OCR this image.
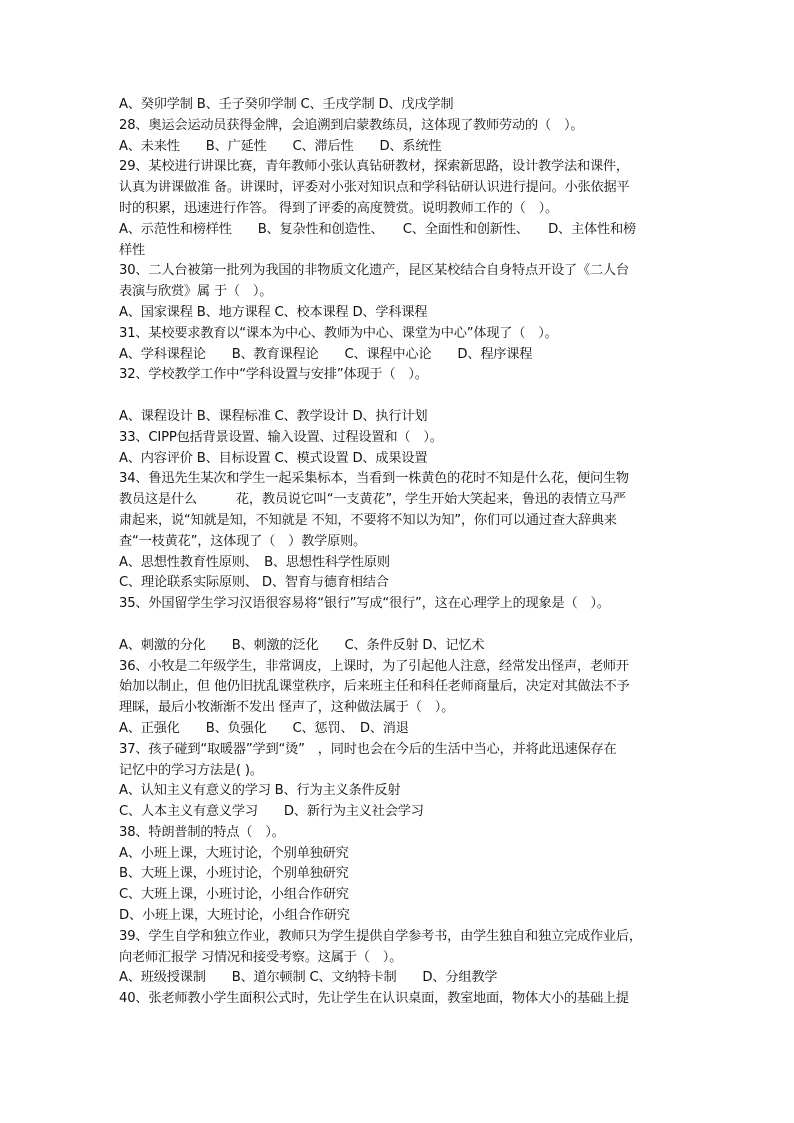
A、癸卯学制 B、壬子癸卯学制 C、壬戌学制 D、戊戌学制
28、奥运会运动员获得金牌，会追溯到启蒙教练员，这体现了教师劳动的（　）。
A、未来性　　B、广延性　　C、滞后性　　D、系统性
29、某校进行讲课比赛，青年教师小张认真钻研教材，探索新思路，设计教学法和课件，
认真为讲课做准 备。讲课时，评委对小张对知识点和学科钻研认识进行提问。小张依据平
时的积累，迅速进行作答。 得到了评委的高度赞赏。说明教师工作的（　）。
A、示范性和榜样性　　B、复杂性和创造性、　　C、全面性和创新性、　　D、主体性和榜
样性
30、二人台被第一批列为我国的非物质文化遗产，昆区某校结合自身特点开设了《二人台
表演与欣赏》属 于（　）。
A、国家课程 B、地方课程 C、校本课程 D、学科课程
31、某校要求教育以“课本为中心、教师为中心、课堂为中心”体现了（　）。
A、学科课程论　　B、教育课程论　　C、课程中心论　　D、程序课程
32、学校教学工作中“学科设置与安排”体现于（　）。
A、课程设计 B、课程标准 C、教学设计 D、执行计划
33、CIPP包括背景设置、输入设置、过程设置和（　）。
A、内容评价 B、目标设置 C、模式设置 D、成果设置
34、鲁迅先生某次和学生一起采集标本，当看到一株黄色的花时不知是什么花，便问生物
教员这是什么　　　花，教员说它叫“一支黄花”，学生开始大笑起来，鲁迅的表情立马严
肃起来，说“知就是知，不知就是 不知，不要将不知以为知”，你们可以通过查大辞典来
查“一枝黄花”，这体现了（　）教学原则。
A、思想性教育性原则、　B、思想性科学性原则
C、理论联系实际原则、 D、智育与德育相结合
35、外国留学生学习汉语很容易将“银行”写成“很行”，这在心理学上的现象是（　）。
A、刺激的分化　　B、刺激的泛化　　C、条件反射 D、记忆术
36、小牧是二年级学生，非常调皮，上课时，为了引起他人注意，经常发出怪声，老师开
始加以制止，但 他仍旧扰乱课堂秩序，后来班主任和科任老师商量后，决定对其做法不予
理睬，最后小牧渐渐不发出 怪声了，这种做法属于（　）。
A、正强化　　B、负强化　　C、惩罚、　D、消退
37、孩子碰到“取暖器”学到“烫”　，同时也会在今后的生活中当心，并将此迅速保存在
记忆中的学习方法是( )。
A、认知主义有意义的学习 B、行为主义条件反射
C、人本主义有意义学习　　D、新行为主义社会学习
38、特朗普制的特点（　）。
A、小班上课，大班讨论，个别单独研究
B、大班上课，小班讨论，个别单独研究
C、大班上课，小班讨论，小组合作研究
D、小班上课，大班讨论，小组合作研究
39、学生自学和独立作业，教师只为学生提供自学参考书，由学生独自和独立完成作业后，
向老师汇报学 习情况和接受考察。这属于（　）。
A、班级授课制　　B、道尔顿制 C、文纳特卡制　　D、分组教学
40、张老师教小学生面积公式时，先让学生在认识桌面，教室地面，物体大小的基础上提
